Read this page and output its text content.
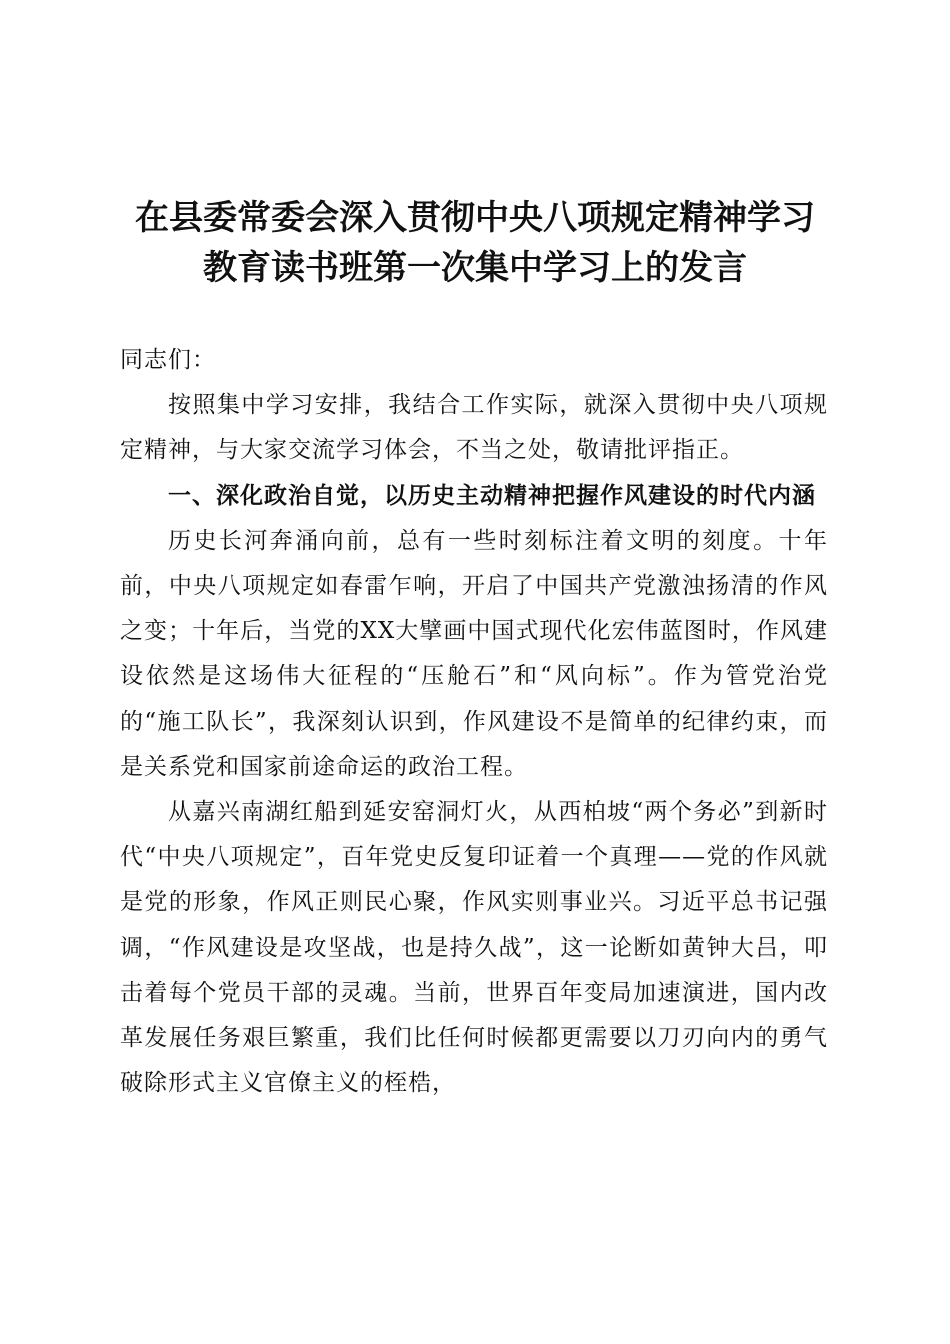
在县委常委会深入贯彻中央八项规定精神学习
教育读书班第一次集中学习上的发言

同志们：

按照集中学习安排，我结合工作实际，就深入贯彻中央八项规定精神，与大家交流学习体会，不当之处，敬请批评指正。

一、深化政治自觉，以历史主动精神把握作风建设的时代内涵

历史长河奔涌向前，总有一些时刻标注着文明的刻度。十年前，中央八项规定如春雷乍响，开启了中国共产党激浊扬清的作风之变；十年后，当党的XX大擘画中国式现代化宏伟蓝图时，作风建设依然是这场伟大征程的“压舱石”和“风向标”。作为管党治党的“施工队长”，我深刻认识到，作风建设不是简单的纪律约束，而是关系党和国家前途命运的政治工程。

从嘉兴南湖红船到延安窑洞灯火，从西柏坡“两个务必”到新时代“中央八项规定”，百年党史反复印证着一个真理——党的作风就是党的形象，作风正则民心聚，作风实则事业兴。习近平总书记强调，“作风建设是攻坚战，也是持久战”，这一论断如黄钟大吕，叩击着每个党员干部的灵魂。当前，世界百年变局加速演进，国内改革发展任务艰巨繁重，我们比任何时候都更需要以刀刃向内的勇气破除形式主义官僚主义的桎梏，
